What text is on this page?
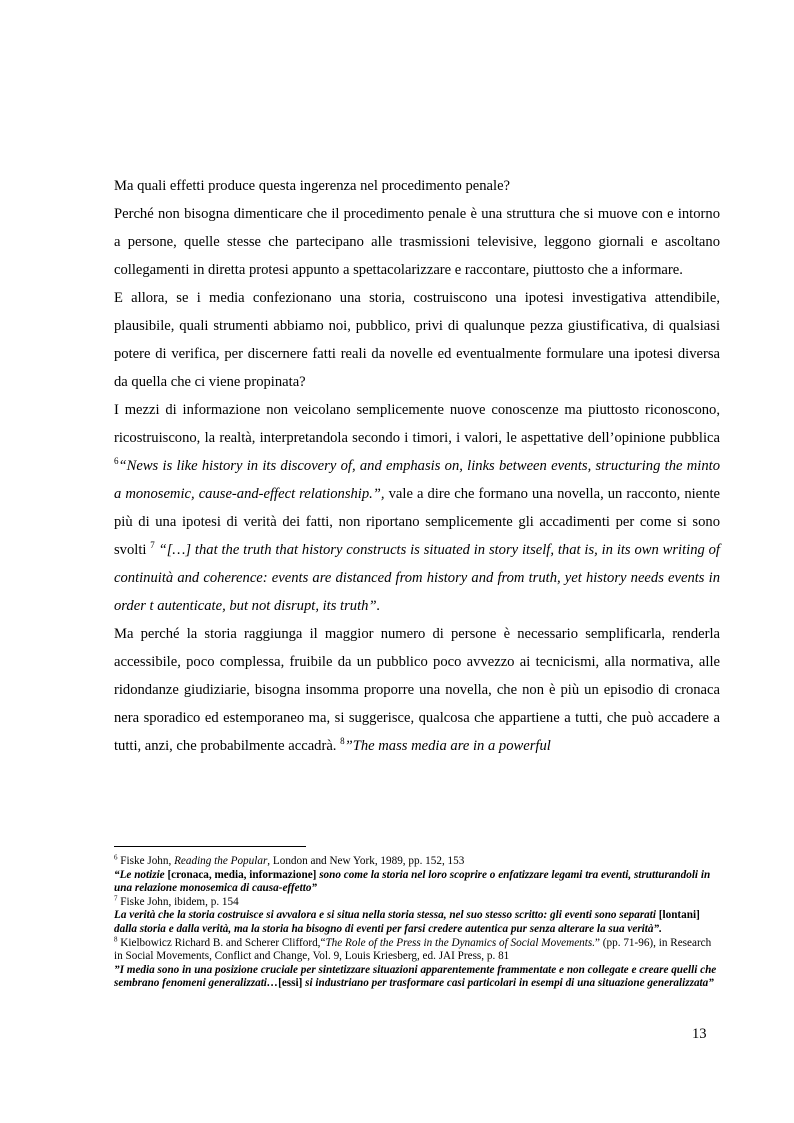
Ma quali effetti produce questa ingerenza nel procedimento penale?

Perché non bisogna dimenticare che il procedimento penale è una struttura che si muove con e intorno a persone, quelle stesse che partecipano alle trasmissioni televisive, leggono giornali e ascoltano collegamenti in diretta protesi appunto a spettacolarizzare e raccontare, piuttosto che a informare.

E allora, se i media confezionano una storia, costruiscono una ipotesi investigativa attendibile, plausibile, quali strumenti abbiamo noi, pubblico, privi di qualunque pezza giustificativa, di qualsiasi potere di verifica, per discernere fatti reali da novelle ed eventualmente formulare una ipotesi diversa da quella che ci viene propinata?

I mezzi di informazione non veicolano semplicemente nuove conoscenze ma piuttosto riconoscono, ricostruiscono, la realtà, interpretandola secondo i timori, i valori, le aspettative dell’opinione pubblica $^6$“News is like history in its discovery of, and emphasis on, links between events, structuring the minto a monosemic, cause-and-effect relationship.”, vale a dire che formano una novella, un racconto, niente più di una ipotesi di verità dei fatti, non riportano semplicemente gli accadimenti per come si sono svolti $^7$ “[…] that the truth that history constructs is situated in story itself, that is, in its own writing of continuità and coherence: events are distanced from history and from truth, yet history needs events in order t autenticate, but not disrupt, its truth”.

Ma perché la storia raggiunga il maggior numero di persone è necessario semplificarla, renderla accessibile, poco complessa, fruibile da un pubblico poco avvezzo ai tecnicismi, alla normativa, alle ridondanze giudiziarie, bisogna insomma proporre una novella, che non è più un episodio di cronaca nera sporadico ed estemporaneo ma, si suggerisce, qualcosa che appartiene a tutti, che può accadere a tutti, anzi, che probabilmente accadrà. $^8$”The mass media are in a powerful

$^6$ Fiske John, Reading the Popular, London and New York, 1989, pp. 152, 153

“Le notizie [cronaca, media, informazione] sono come la storia nel loro scoprire o enfatizzare legami tra eventi, strutturandoli in una relazione monosemica di causa-effetto”

$^7$ Fiske John, ibidem, p. 154

La verità che la storia costruisce si avvalora e si situa nella storia stessa, nel suo stesso scritto: gli eventi sono separati [lontani] dalla storia e dalla verità, ma la storia ha bisogno di eventi per farsi credere autentica pur senza alterare la sua verità”.

$^8$ Kielbowicz Richard B. and Scherer Clifford,“The Role of the Press in the Dynamics of Social Movements.” (pp. 71-96), in Research in Social Movements, Conflict and Change, Vol. 9, Louis Kriesberg, ed. JAI Press, p. 81

”I media sono in una posizione cruciale per sintetizzare situazioni apparentemente frammentate e non collegate e creare quelli che sembrano fenomeni generalizzati…[essi] si industriano per trasformare casi particolari in esempi di una situazione generalizzata”

13
